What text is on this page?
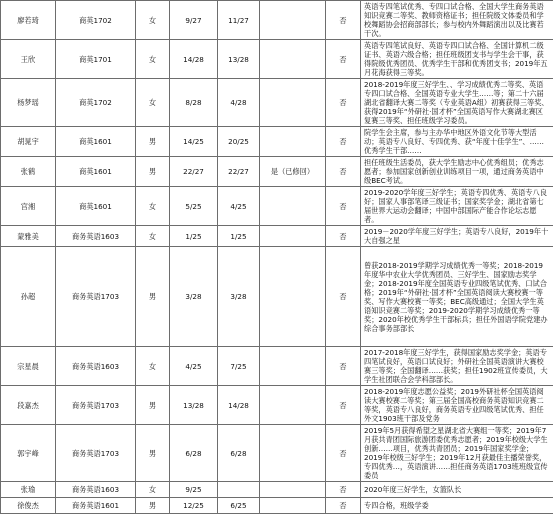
廖若琦	商英1702	女	9/27	11/27		否	英语专四笔试优秀、专四口试合格、全国大学生商务英语知识竞赛二等奖、教师资格证书；担任院级文体委员和学校舞蹈协会招商部部长；参与校内外舞蹈演出以及比赛若干次。
王欣	商英1701	女	14/28	13/28		否	英语专四笔试良好、英语专四口试合格、全国计算机二级证书、英语六级合格；担任班级团支书与学生会干事，获得院级优秀团员、优秀学生干部和优秀团支书；2019年五月花海获得三等奖。
杨梦瑶	商英1702	女	8/28	4/28		否	2018-2019年度三好学生、、学习成绩优秀二等奖、英语专四口试合格、全国英语专业大学生……等；第二十六届湖北省翻译大赛二等奖（专业英语A组）初赛获得三等奖、获得2019年“外研社·国才杯”全国英语写作大赛湖北赛区复赛三等奖、担任班级学习委员。
胡晁宇	商英1601	男	14/25	20/25		否	院学生会主席，参与主办华中地区外语文化节等大型活动；英语专八良好、专四优秀、获“年度十佳学生”、……优秀学生干部……
张鹤	商英1601	男	22/27	22/27	是（已修回）	否	担任班级生活委员，获大学生励志中心优秀组员；优秀志愿者；参加国家创新创业训练项目一项，通过商务英语中级BEC考试。
宫湘	商英1601	女	5/25	4/25		否	2019-2020学年度三好学生；英语专四优秀、英语专八良好；国家人事部笔译三级证书；国家奖学金；湖北省第七届世界大运动会翻译；中国中部国际产能合作论坛志愿者。
蒙雅美	商务英语1603	女	1/25	1/25		否	2019－2020学年度三好学生；英语专八良好，2019年十大自强之星
孙超	商务英语1703	男	3/28	3/28		否	曾获2018-2019学期学习成绩优秀一等奖；2018-2019年度华中农业大学优秀团员、三好学生、国家励志奖学金；2018-2019年度全国英语专业四级笔试优秀、口试合格；2019年“外研社·国才杯”全国英语阅读大赛校赛一等奖、写作大赛校赛一等奖；BEC高级通过；全国大学生英语知识竞赛二等奖；2019-2020学期学习成绩优秀一等奖；2020年校优秀学生干部标兵；担任外国语学院党建办综合事务部部长
宗星晨	商务英语1603	女	4/25	7/25		否	2017-2018年度三好学生，获得国家励志奖学金；英语专四笔试良好，英语口试良好；外研社全国英语演讲大赛校赛三等奖；全国翻译……获奖；担任1902班宣传委员，大学生社团联合会学科部部长。
段嘉杰	商务英语1703	男	13/28	14/28		否	2018-2019年度志愿公益奖；2019外研社杯全国英语阅读大赛校赛二等奖；第三届全国高校商务英语知识竞赛二等奖，英语专八良好，商务英语专业四级笔试优秀、担任外文1903班干部及党务
郭宇峰	商务英语1703	男	6/28	6/28		否	2019年5月获得希望之星湖北省大赛组一等奖；2019年7月获共青团国际旅游团委优秀志愿者；2019年校级大学生创新……项目，优秀共青团员；2019年国家奖学金；2019年校级三好学生；2019年12月获最佳主播荣誉奖，专四优秀…，英语演讲……担任商务英语1703班班级宣传委员
张瑜	商务英语1603	女	9/25			否	2020年度三好学生，女篮队长
徐俊杰	商务英语1601	男	12/25	6/25		否	专四合格，班级学委
